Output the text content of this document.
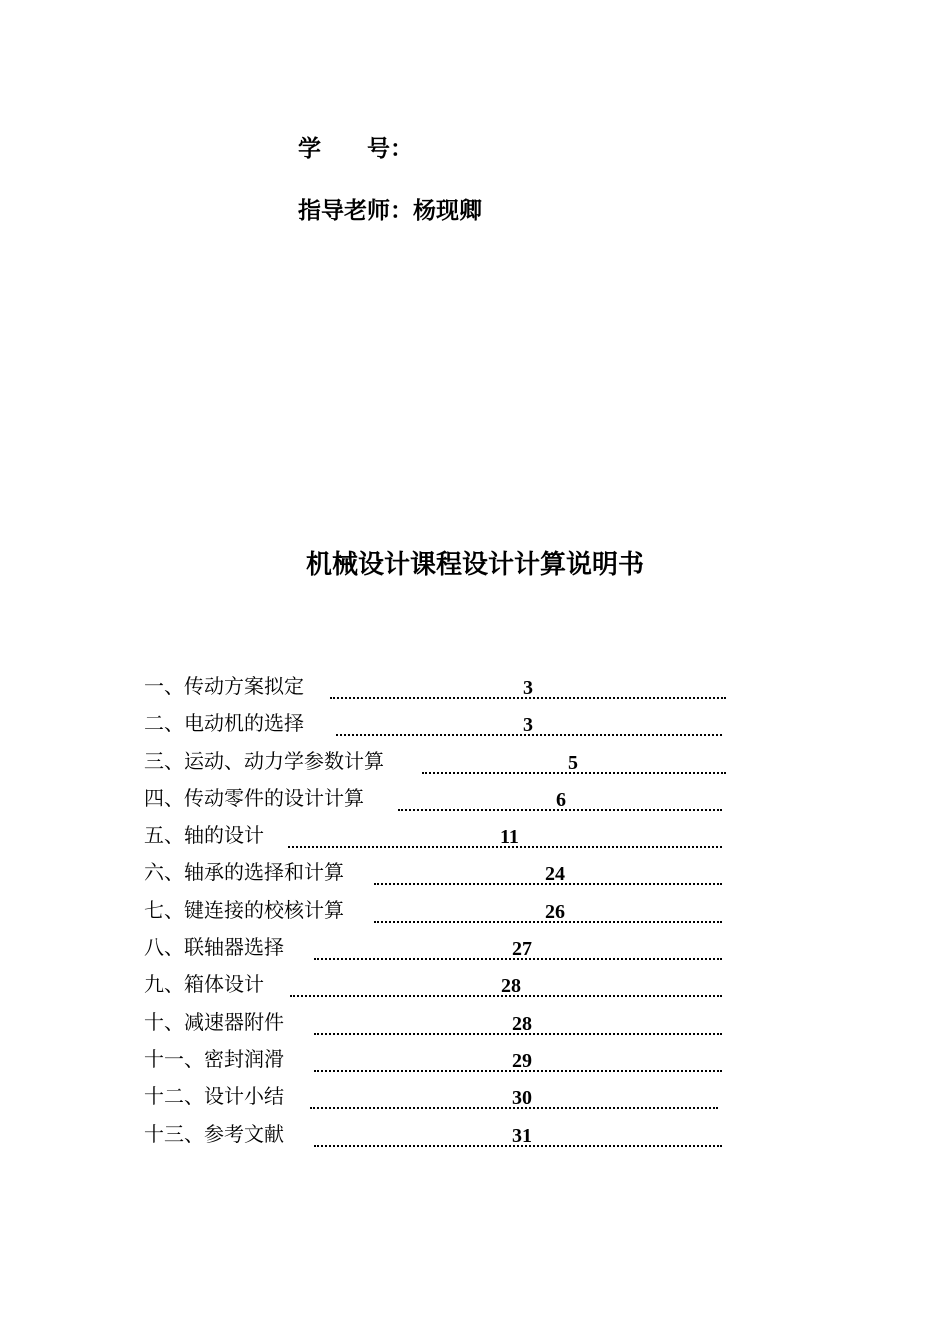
学　　号：
指导老师：杨现卿
机械设计课程设计计算说明书
一、传动方案拟定	3
二、电动机的选择	3
三、运动、动力学参数计算	5
四、传动零件的设计计算	6
五、轴的设计	11
六、轴承的选择和计算	24
七、键连接的校核计算	26
八、联轴器选择	27
九、箱体设计	28
十、减速器附件	28
十一、密封润滑	29
十二、设计小结	30
十三、参考文献	31
